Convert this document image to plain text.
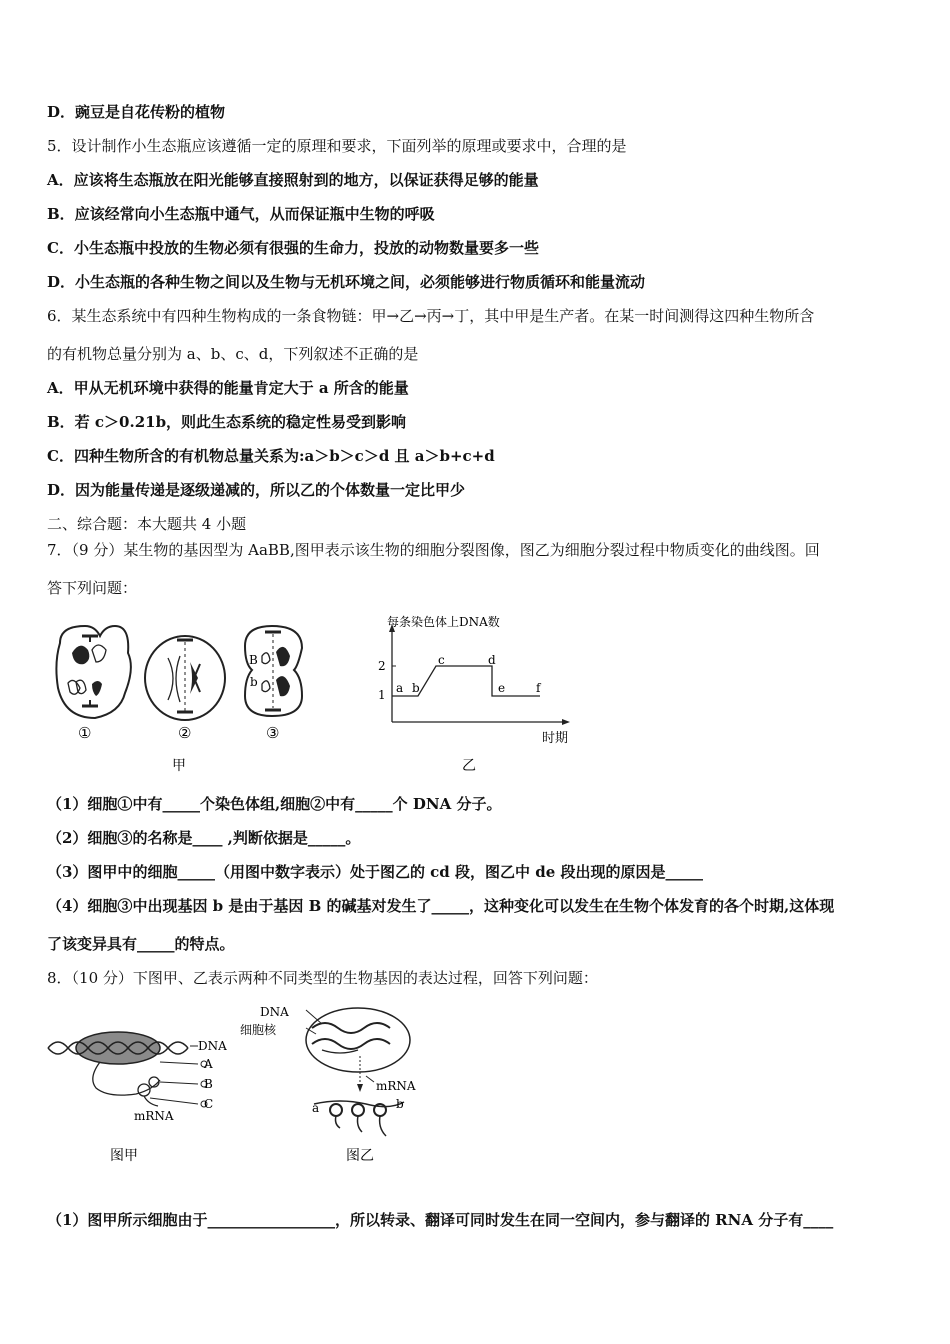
D．豌豆是自花传粉的植物
5．设计制作小生态瓶应该遵循一定的原理和要求，下面列举的原理或要求中，合理的是
A．应该将生态瓶放在阳光能够直接照射到的地方，以保证获得足够的能量
B．应该经常向小生态瓶中通气，从而保证瓶中生物的呼吸
C．小生态瓶中投放的生物必须有很强的生命力，投放的动物数量要多一些
D．小生态瓶的各种生物之间以及生物与无机环境之间，必须能够进行物质循环和能量流动
6．某生态系统中有四种生物构成的一条食物链：甲→乙→丙→丁，其中甲是生产者。在某一时间测得这四种生物所含
的有机物总量分别为 a、b、c、d，下列叙述不正确的是
A．甲从无机环境中获得的能量肯定大于 a 所含的能量
B．若 c＞0.21b，则此生态系统的稳定性易受到影响
C．四种生物所含的有机物总量关系为:a＞b＞c＞d 且 a＞b+c+d
D．因为能量传递是逐级递减的，所以乙的个体数量一定比甲少
二、综合题：本大题共 4 小题
7．（9 分）某生物的基因型为 AaBB,图甲表示该生物的细胞分裂图像，图乙为细胞分裂过程中物质变化的曲线图。回
答下列问题：
①	②
B
b
③
甲
每条染色体上DNA数
2
1 a b
c	d
e	f
时期
乙
（1）细胞①中有_____个染色体组,细胞②中有_____个 DNA 分子。
（2）细胞③的名称是____ ,判断依据是_____。
（3）图甲中的细胞_____（用图中数字表示）处于图乙的 cd 段，图乙中 de 段出现的原因是_____
（4）细胞③中出现基因 b 是由于基因 B 的碱基对发生了_____，这种变化可以发生在生物个体发育的各个时期,这体现
了该变异具有_____的特点。
8．（10 分）下图甲、乙表示两种不同类型的生物基因的表达过程，回答下列问题：
DNA
A
B
C
mRNA
图甲
DNA
细胞核
mRNA
a	b
图乙
（1）图甲所示细胞由于_________________，所以转录、翻译可同时发生在同一空间内，参与翻译的 RNA 分子有____
